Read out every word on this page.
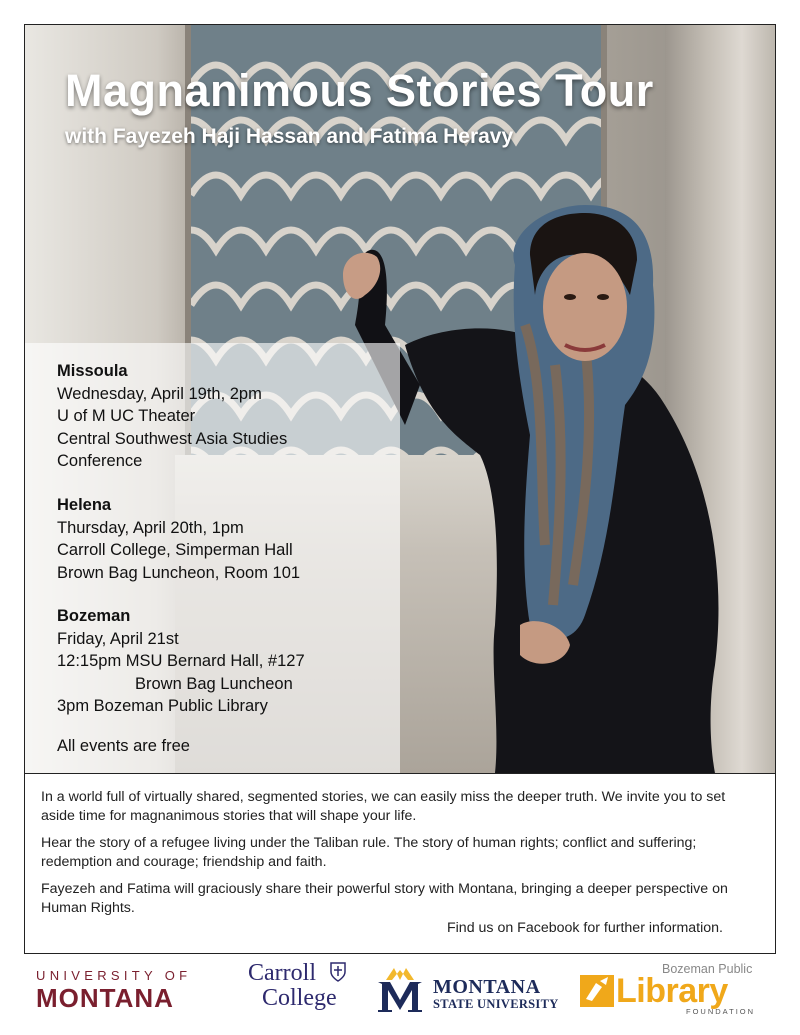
Magnanimous Stories Tour
with Fayezeh Haji Hassan and Fatima Heravy
Missoula
Wednesday, April 19th, 2pm
U of M UC Theater
Central Southwest Asia Studies
Conference
Helena
Thursday, April 20th, 1pm
Carroll College, Simperman Hall
Brown Bag Luncheon, Room 101
Bozeman
Friday, April 21st
12:15pm MSU Bernard Hall, #127
Brown Bag Luncheon
3pm Bozeman Public Library
All events are free

In a world full of virtually shared, segmented stories, we can easily miss the deeper truth. We invite you to set aside time for magnanimous stories that will shape your life.

Hear the story of a refugee living under the Taliban rule. The story of human rights; conflict and suffering; redemption and courage; friendship and faith.

Fayezeh and Fatima will graciously share their powerful story with Montana, bringing a deeper perspective on Human Rights.

Find us on Facebook for further information.
UNIVERSITY OF
MONTANA
Carroll
College	MONTANA
STATE UNIVERSITY
Bozeman Public
Library
FOUNDATION
